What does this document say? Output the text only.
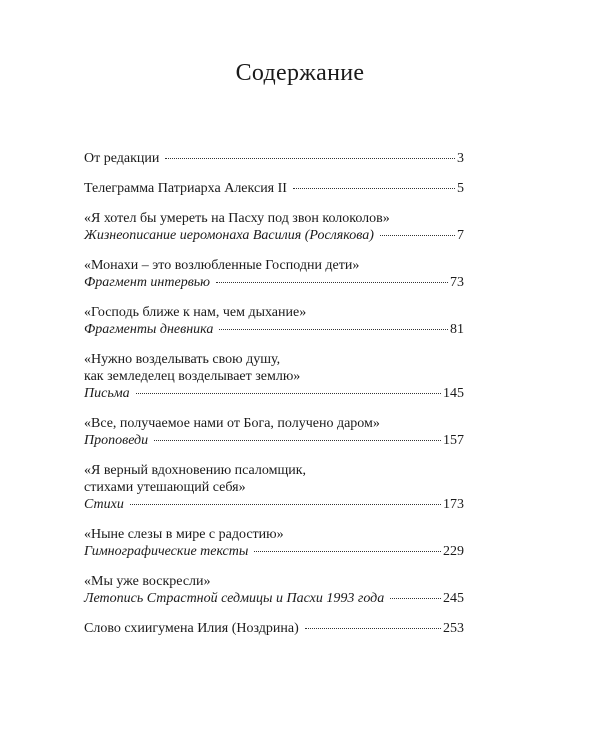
Содержание
От редакции	3
Телеграмма Патриарха Алексия II	5
«Я хотел бы умереть на Пасху под звон колоколов»
Жизнеописание иеромонаха Василия (Рослякова)	7
«Монахи – это возлюбленные Господни дети»
Фрагмент интервью	73
«Господь ближе к нам, чем дыхание»
Фрагменты дневника	81
«Нужно возделывать свою душу,
как земледелец возделывает землю»
Письма	145
«Все, получаемое нами от Бога, получено даром»
Проповеди	157
«Я верный вдохновению псаломщик,
стихами утешающий себя»
Стихи	173
«Ныне слезы в мире с радостию»
Гимнографические тексты	229
«Мы уже воскресли»
Летопись Страстной седмицы и Пасхи 1993 года	245
Слово схиигумена Илия (Ноздрина)	253
